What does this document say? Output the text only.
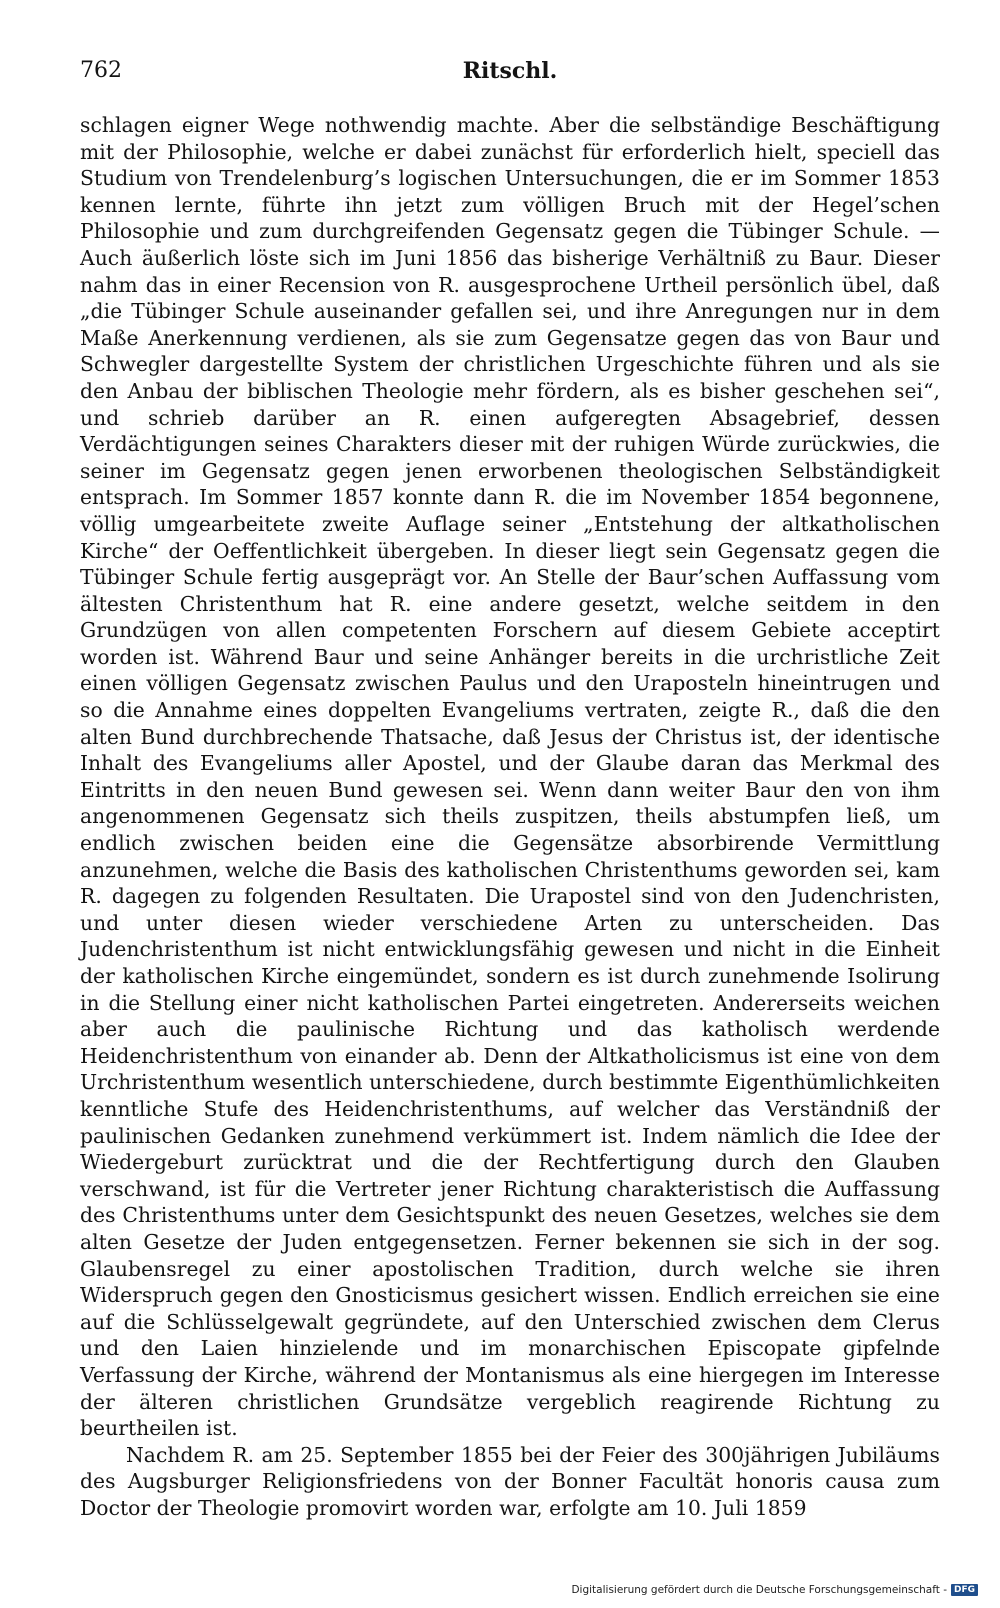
762	Ritschl.

schlagen eigner Wege nothwendig machte. Aber die selbständige Beschäftigung mit der Philosophie, welche er dabei zunächst für erforderlich hielt, speciell das Studium von Trendelenburg’s logischen Untersuchungen, die er im Sommer 1853 kennen lernte, führte ihn jetzt zum völligen Bruch mit der Hegel’schen Philosophie und zum durchgreifenden Gegensatz gegen die Tübinger Schule. — Auch äußerlich löste sich im Juni 1856 das bisherige Verhältniß zu Baur. Dieser nahm das in einer Recension von R. ausgesprochene Urtheil persönlich übel, daß „die Tübinger Schule auseinander gefallen sei, und ihre Anregungen nur in dem Maße Anerkennung verdienen, als sie zum Gegensatze gegen das von Baur und Schwegler dargestellte System der christlichen Urgeschichte führen und als sie den Anbau der biblischen Theologie mehr fördern, als es bisher geschehen sei“, und schrieb darüber an R. einen aufgeregten Absagebrief, dessen Verdächtigungen seines Charakters dieser mit der ruhigen Würde zurückwies, die seiner im Gegensatz gegen jenen erworbenen theologischen Selbständigkeit entsprach. Im Sommer 1857 konnte dann R. die im November 1854 begonnene, völlig umgearbeitete zweite Auflage seiner „Entstehung der altkatholischen Kirche“ der Oeffentlichkeit übergeben. In dieser liegt sein Gegensatz gegen die Tübinger Schule fertig ausgeprägt vor. An Stelle der Baur’schen Auffassung vom ältesten Christenthum hat R. eine andere gesetzt, welche seitdem in den Grundzügen von allen competenten Forschern auf diesem Gebiete acceptirt worden ist. Während Baur und seine Anhänger bereits in die urchristliche Zeit einen völligen Gegensatz zwischen Paulus und den Uraposteln hineintrugen und so die Annahme eines doppelten Evangeliums vertraten, zeigte R., daß die den alten Bund durchbrechende Thatsache, daß Jesus der Christus ist, der identische Inhalt des Evangeliums aller Apostel, und der Glaube daran das Merkmal des Eintritts in den neuen Bund gewesen sei. Wenn dann weiter Baur den von ihm angenommenen Gegensatz sich theils zuspitzen, theils abstumpfen ließ, um endlich zwischen beiden eine die Gegensätze absorbirende Vermittlung anzunehmen, welche die Basis des katholischen Christenthums geworden sei, kam R. dagegen zu folgenden Resultaten. Die Urapostel sind von den Judenchristen, und unter diesen wieder verschiedene Arten zu unterscheiden. Das Judenchristenthum ist nicht entwicklungsfähig gewesen und nicht in die Einheit der katholischen Kirche eingemündet, sondern es ist durch zunehmende Isolirung in die Stellung einer nicht katholischen Partei eingetreten. Andererseits weichen aber auch die paulinische Richtung und das katholisch werdende Heidenchristenthum von einander ab. Denn der Altkatholicismus ist eine von dem Urchristenthum wesentlich unterschiedene, durch bestimmte Eigenthümlichkeiten kenntliche Stufe des Heidenchristenthums, auf welcher das Verständniß der paulinischen Gedanken zunehmend verkümmert ist. Indem nämlich die Idee der Wiedergeburt zurücktrat und die der Rechtfertigung durch den Glauben verschwand, ist für die Vertreter jener Richtung charakteristisch die Auffassung des Christenthums unter dem Gesichtspunkt des neuen Gesetzes, welches sie dem alten Gesetze der Juden entgegensetzen. Ferner bekennen sie sich in der sog. Glaubensregel zu einer apostolischen Tradition, durch welche sie ihren Widerspruch gegen den Gnosticismus gesichert wissen. Endlich erreichen sie eine auf die Schlüsselgewalt gegründete, auf den Unterschied zwischen dem Clerus und den Laien hinzielende und im monarchischen Episcopate gipfelnde Verfassung der Kirche, während der Montanismus als eine hiergegen im Interesse der älteren christlichen Grundsätze vergeblich reagirende Richtung zu beurtheilen ist.

Nachdem R. am 25. September 1855 bei der Feier des 300jährigen Jubiläums des Augsburger Religionsfriedens von der Bonner Facultät honoris causa zum Doctor der Theologie promovirt worden war, erfolgte am 10. Juli 1859

Digitalisierung gefördert durch die Deutsche Forschungsgemeinschaft - DFG
